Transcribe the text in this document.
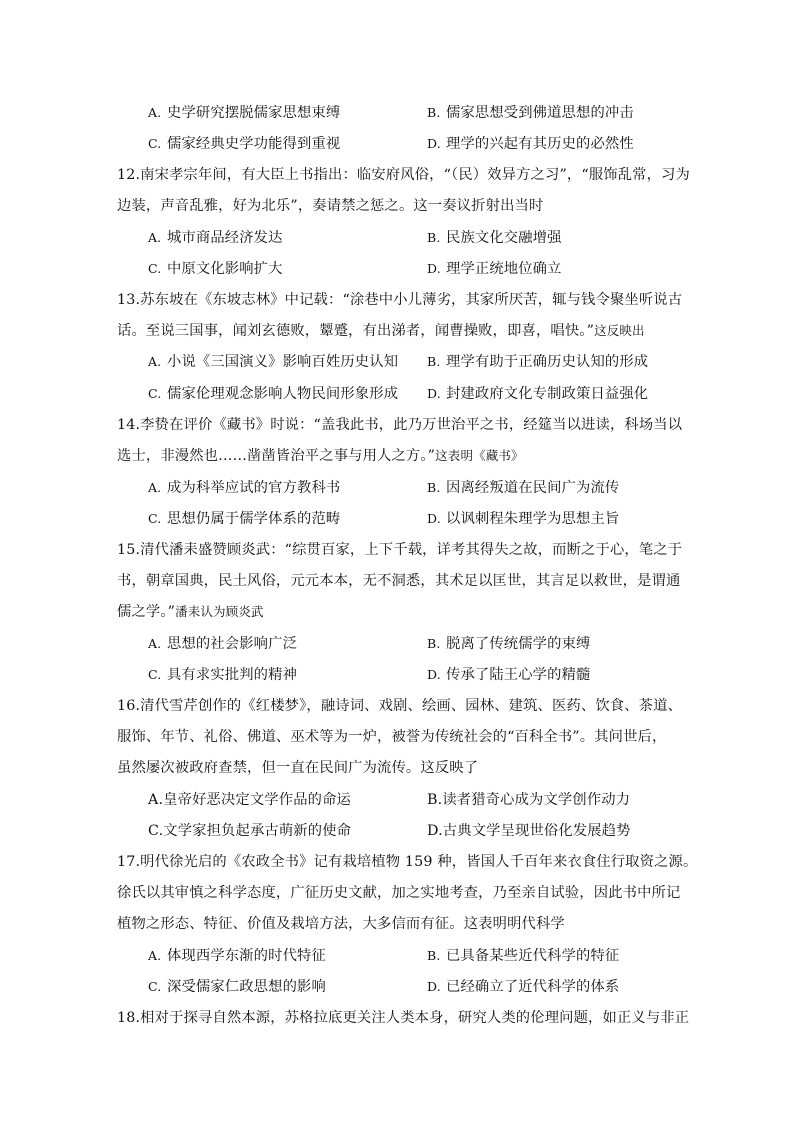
A. 史学研究摆脱儒家思想束缚	B. 儒家思想受到佛道思想的冲击
C. 儒家经典史学功能得到重视	D. 理学的兴起有其历史的必然性
12.南宋孝宗年间，有大臣上书指出：临安府风俗，“（民）效异方之习”，“服饰乱常，习为
边装，声音乱雅，好为北乐”，奏请禁之惩之。这一奏议折射出当时
A. 城市商品经济发达	B. 民族文化交融增强
C. 中原文化影响扩大	D. 理学正统地位确立
13.苏东坡在《东坡志林》中记载：“涂巷中小儿薄劣，其家所厌苦，辄与钱令聚坐听说古
话。至说三国事，闻刘玄德败，颦蹙，有出涕者，闻曹操败，即喜，唱快。”这反映出
A. 小说《三国演义》影响百姓历史认知 B. 理学有助于正确历史认知的形成
C. 儒家伦理观念影响人物民间形象形成 D. 封建政府文化专制政策日益强化
14.李贽在评价《藏书》时说：“盖我此书，此乃万世治平之书，经筵当以进读，科场当以
选士，非漫然也……凿凿皆治平之事与用人之方。”这表明《藏书》
A. 成为科举应试的官方教科书	B. 因离经叛道在民间广为流传
C. 思想仍属于儒学体系的范畴	D. 以讽刺程朱理学为思想主旨
15.清代潘耒盛赞顾炎武：“综贯百家，上下千载，详考其得失之故，而断之于心，笔之于
书，朝章国典，民土风俗，元元本本，无不洞悉，其术足以匡世，其言足以救世，是谓通
儒之学。”潘耒认为顾炎武
A. 思想的社会影响广泛	B. 脱离了传统儒学的束缚
C. 具有求实批判的精神	D. 传承了陆王心学的精髓
16.清代雪芹创作的《红楼梦》，融诗词、戏剧、绘画、园林、建筑、医药、饮食、茶道、
服饰、年节、礼俗、佛道、巫术等为一炉，被誉为传统社会的“百科全书”。其问世后，
虽然屡次被政府查禁，但一直在民间广为流传。这反映了
A.皇帝好恶决定文学作品的命运	B.读者猎奇心成为文学创作动力
C.文学家担负起承古萌新的使命	D.古典文学呈现世俗化发展趋势
17.明代徐光启的《农政全书》记有栽培植物 159 种，皆国人千百年来衣食住行取资之源。
徐氏以其审慎之科学态度，广征历史文献，加之实地考查，乃至亲自试验，因此书中所记
植物之形态、特征、价值及栽培方法，大多信而有征。这表明明代科学
A. 体现西学东渐的时代特征	B. 已具备某些近代科学的特征
C. 深受儒家仁政思想的影响	D. 已经确立了近代科学的体系
18.相对于探寻自然本源，苏格拉底更关注人类本身，研究人类的伦理问题，如正义与非正
